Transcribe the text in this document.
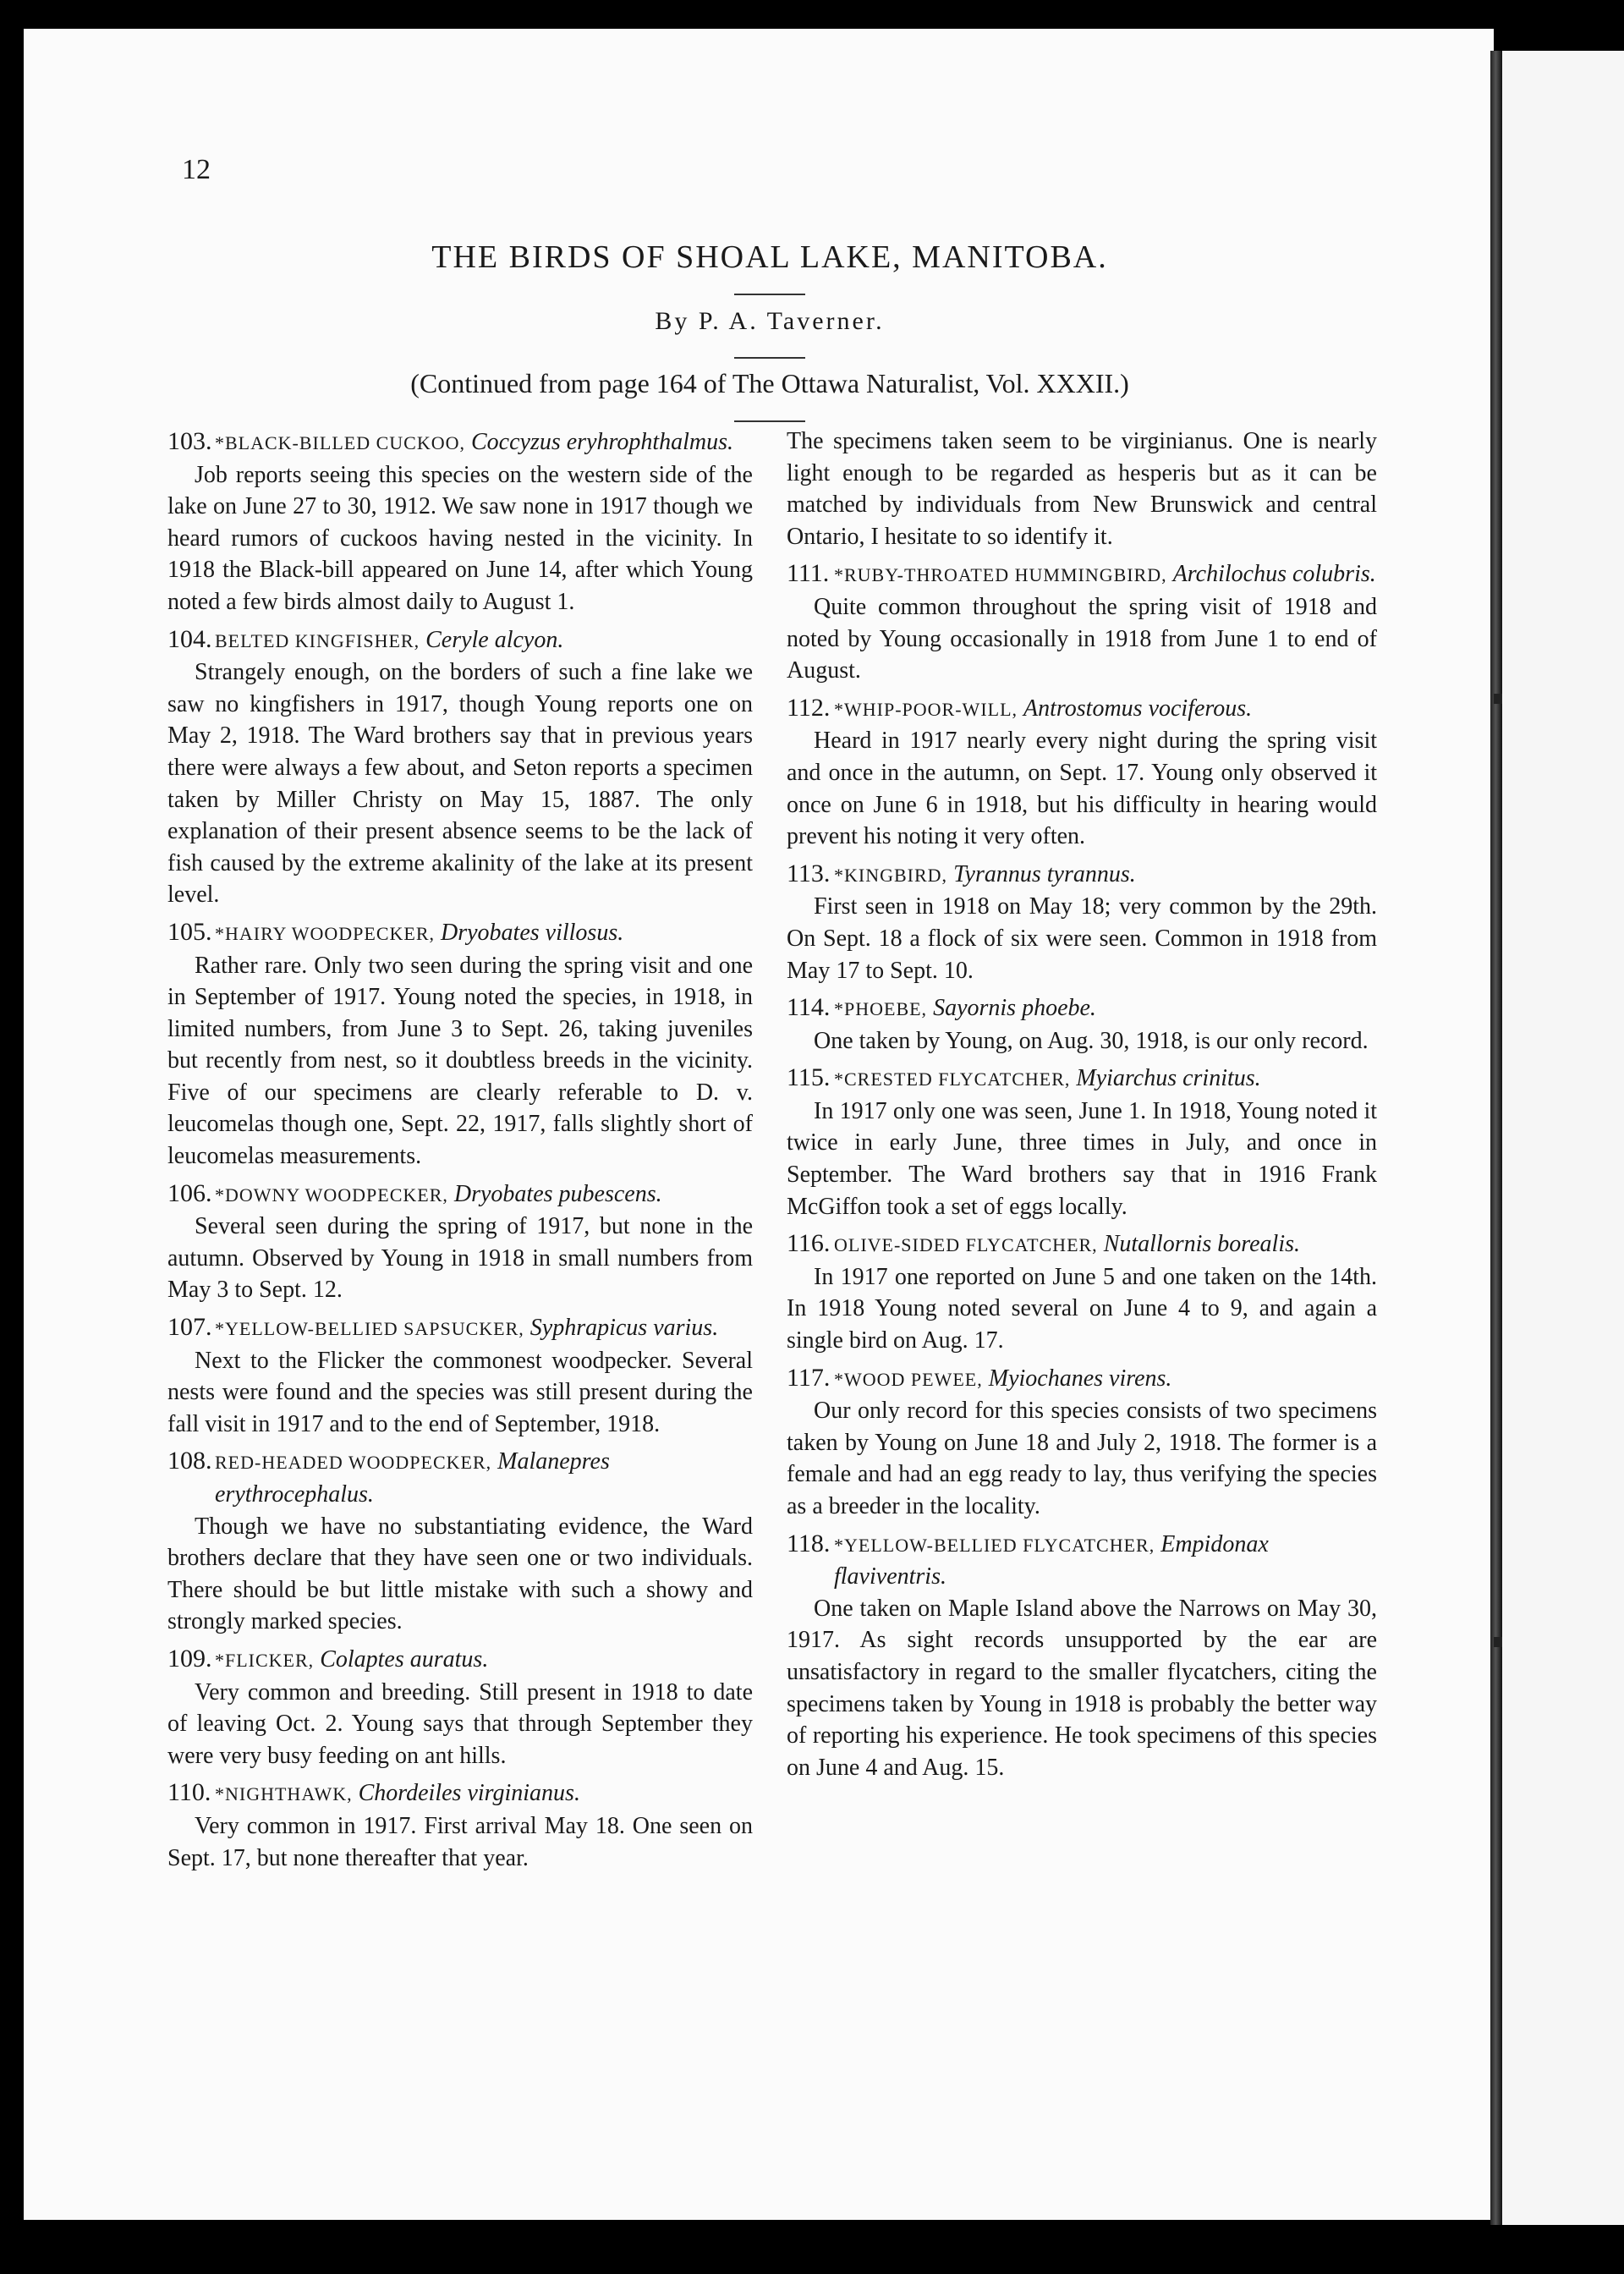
12
THE BIRDS OF SHOAL LAKE, MANITOBA.
By P. A. Taverner.
(Continued from page 164 of The Ottawa Naturalist, Vol. XXXII.)

103. *BLACK-BILLED CUCKOO, Coccyzus eryhrophthalmus.

Job reports seeing this species on the western side of the lake on June 27 to 30, 1912. We saw none in 1917 though we heard rumors of cuckoos having nested in the vicinity. In 1918 the Black-bill appeared on June 14, after which Young noted a few birds almost daily to August 1.

104. BELTED KINGFISHER, Ceryle alcyon.

Strangely enough, on the borders of such a fine lake we saw no kingfishers in 1917, though Young reports one on May 2, 1918. The Ward brothers say that in previous years there were always a few about, and Seton reports a specimen taken by Miller Christy on May 15, 1887. The only explanation of their present absence seems to be the lack of fish caused by the extreme akalinity of the lake at its present level.

105. *HAIRY WOODPECKER, Dryobates villosus.

Rather rare. Only two seen during the spring visit and one in September of 1917. Young noted the species, in 1918, in limited numbers, from June 3 to Sept. 26, taking juveniles but recently from nest, so it doubtless breeds in the vicinity. Five of our specimens are clearly referable to D. v. leucomelas though one, Sept. 22, 1917, falls slightly short of leucomelas measurements.

106. *DOWNY WOODPECKER, Dryobates pubescens.

Several seen during the spring of 1917, but none in the autumn. Observed by Young in 1918 in small numbers from May 3 to Sept. 12.

107. *YELLOW-BELLIED SAPSUCKER, Syphrapicus varius.

Next to the Flicker the commonest woodpecker. Several nests were found and the species was still present during the fall visit in 1917 and to the end of September, 1918.

108. RED-HEADED WOODPECKER, Malanepres erythrocephalus.

Though we have no substantiating evidence, the Ward brothers declare that they have seen one or two individuals. There should be but little mistake with such a showy and strongly marked species.

109. *FLICKER, Colaptes auratus.

Very common and breeding. Still present in 1918 to date of leaving Oct. 2. Young says that through September they were very busy feeding on ant hills.

110. *NIGHTHAWK, Chordeiles virginianus.

Very common in 1917. First arrival May 18. One seen on Sept. 17, but none thereafter that year.

The specimens taken seem to be virginianus. One is nearly light enough to be regarded as hesperis but as it can be matched by individuals from New Brunswick and central Ontario, I hesitate to so identify it.

111. *RUBY-THROATED HUMMINGBIRD, Archilochus colubris.

Quite common throughout the spring visit of 1918 and noted by Young occasionally in 1918 from June 1 to end of August.

112. *WHIP-POOR-WILL, Antrostomus vociferous.

Heard in 1917 nearly every night during the spring visit and once in the autumn, on Sept. 17. Young only observed it once on June 6 in 1918, but his difficulty in hearing would prevent his noting it very often.

113. *KINGBIRD, Tyrannus tyrannus.

First seen in 1918 on May 18; very common by the 29th. On Sept. 18 a flock of six were seen. Common in 1918 from May 17 to Sept. 10.

114. *PHOEBE, Sayornis phoebe.

One taken by Young, on Aug. 30, 1918, is our only record.

115. *CRESTED FLYCATCHER, Myiarchus crinitus.

In 1917 only one was seen, June 1. In 1918, Young noted it twice in early June, three times in July, and once in September. The Ward brothers say that in 1916 Frank McGiffon took a set of eggs locally.

116. OLIVE-SIDED FLYCATCHER, Nutallornis borealis.

In 1917 one reported on June 5 and one taken on the 14th. In 1918 Young noted several on June 4 to 9, and again a single bird on Aug. 17.

117. *WOOD PEWEE, Myiochanes virens.

Our only record for this species consists of two specimens taken by Young on June 18 and July 2, 1918. The former is a female and had an egg ready to lay, thus verifying the species as a breeder in the locality.

118. *YELLOW-BELLIED FLYCATCHER, Empidonax flaviventris.

One taken on Maple Island above the Narrows on May 30, 1917. As sight records unsupported by the ear are unsatisfactory in regard to the smaller flycatchers, citing the specimens taken by Young in 1918 is probably the better way of reporting his experience. He took specimens of this species on June 4 and Aug. 15.
